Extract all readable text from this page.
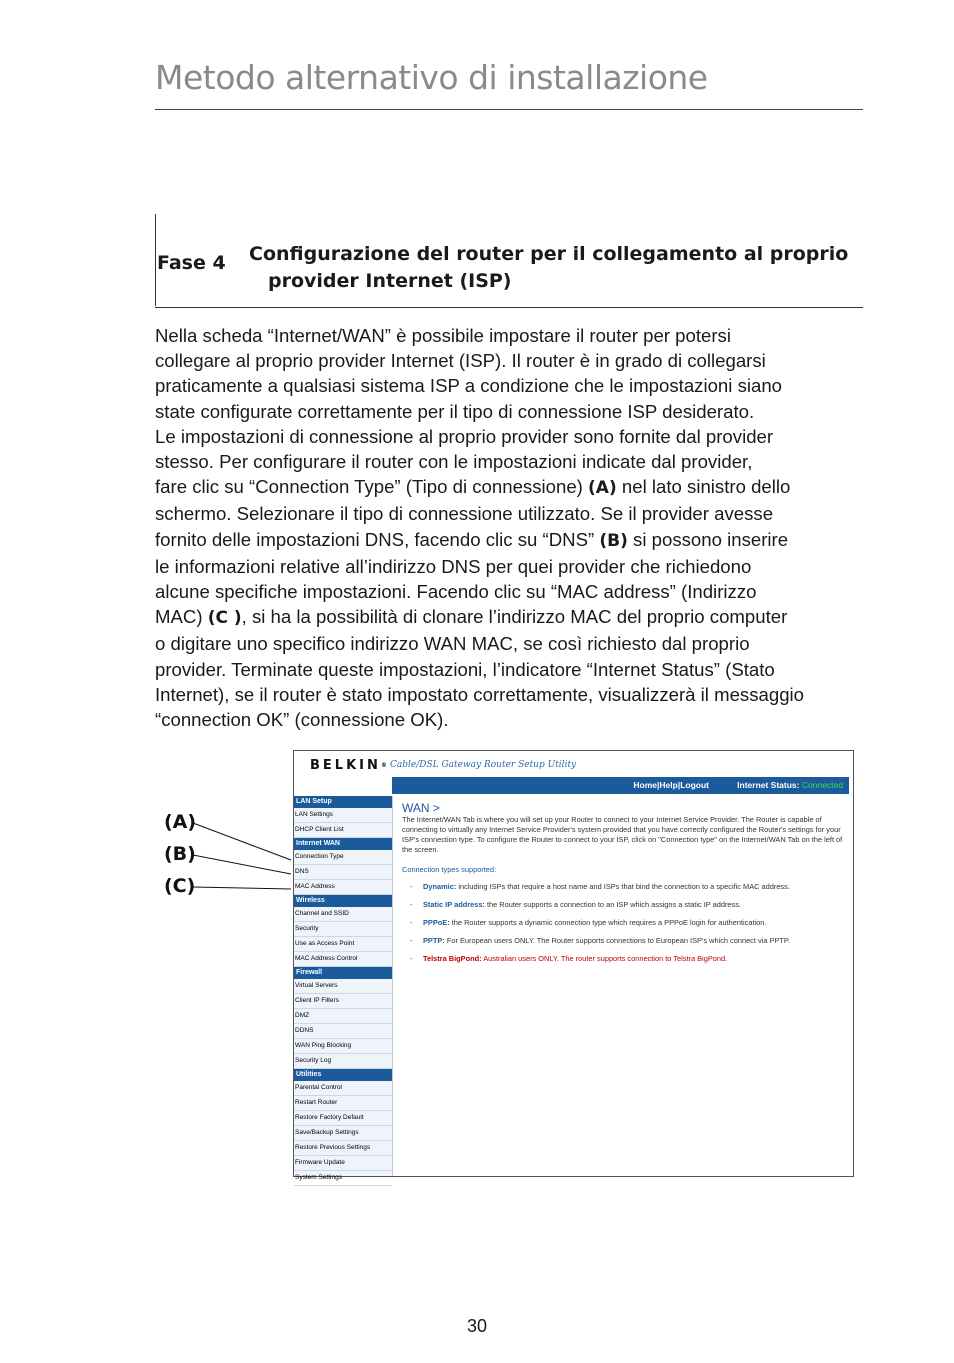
Metodo alternativo di installazione
Fase 4 Configurazione del router per il collegamento al proprio
provider Internet (ISP)

Nella scheda “Internet/WAN” è possibile impostare il router per potersi

collegare al proprio provider Internet (ISP). Il router è in grado di collegarsi

praticamente a qualsiasi sistema ISP a condizione che le impostazioni siano

state configurate correttamente per il tipo di connessione ISP desiderato.

Le impostazioni di connessione al proprio provider sono fornite dal provider

stesso. Per configurare il router con le impostazioni indicate dal provider,

fare clic su “Connection Type” (Tipo di connessione) (A) nel lato sinistro dello

schermo. Selezionare il tipo di connessione utilizzato. Se il provider avesse

fornito delle impostazioni DNS, facendo clic su “DNS” (B) si possono inserire

le informazioni relative all’indirizzo DNS per quei provider che richiedono

alcune specifiche impostazioni. Facendo clic su “MAC address” (Indirizzo

MAC) (C ), si ha la possibilità di clonare l’indirizzo MAC del proprio computer

o digitare uno specifico indirizzo WAN MAC, se così richiesto dal proprio

provider. Terminate queste impostazioni, l’indicatore “Internet Status” (Stato

Internet), se il router è stato impostato correttamente, visualizzerà il messaggio

“connection OK” (connessione OK).

BELKIN® Cable/DSL Gateway Router Setup Utility
Home|Help|Logout	Internet Status: Connected
LAN Setup
LAN Settings
DHCP Client List
Internet WAN
Connection Type
DNS
MAC Address
Wireless
Channel and SSID
Security
Use as Access Point
MAC Address Control
Firewall
Virtual Servers
Client IP Filters
DMZ
DDNS
WAN Ping Blocking
Security Log
Utilities
Parental Control
Restart Router
Restore Factory Default
Save/Backup Settings
Restore Previous Settings
Firmware Update
System Settings

WAN >

The Internet/WAN Tab is where you will set up your Router to connect to your Internet Service Provider. The Router is capable of connecting to virtually any Internet Service Provider's system provided that you have correctly configured the Router's settings for your ISP's connection type. To configure the Router to connect to your ISP, click on "Connection type" on the Internet/WAN Tab on the left of the screen.

Connection types supported:

- Dynamic: including ISPs that require a host name and ISPs that bind the connection to a specific MAC address.
- Static IP address: the Router supports a connection to an ISP which assigns a static IP address.
- PPPoE: the Router supports a dynamic connection type which requires a PPPoE login for authentication.
- PPTP: For European users ONLY. The Router supports connections to European ISP's which connect via PPTP.
- Telstra BigPond: Australian users ONLY. The router supports connection to Telstra BigPond.
(A)
(B)
(C)
30
